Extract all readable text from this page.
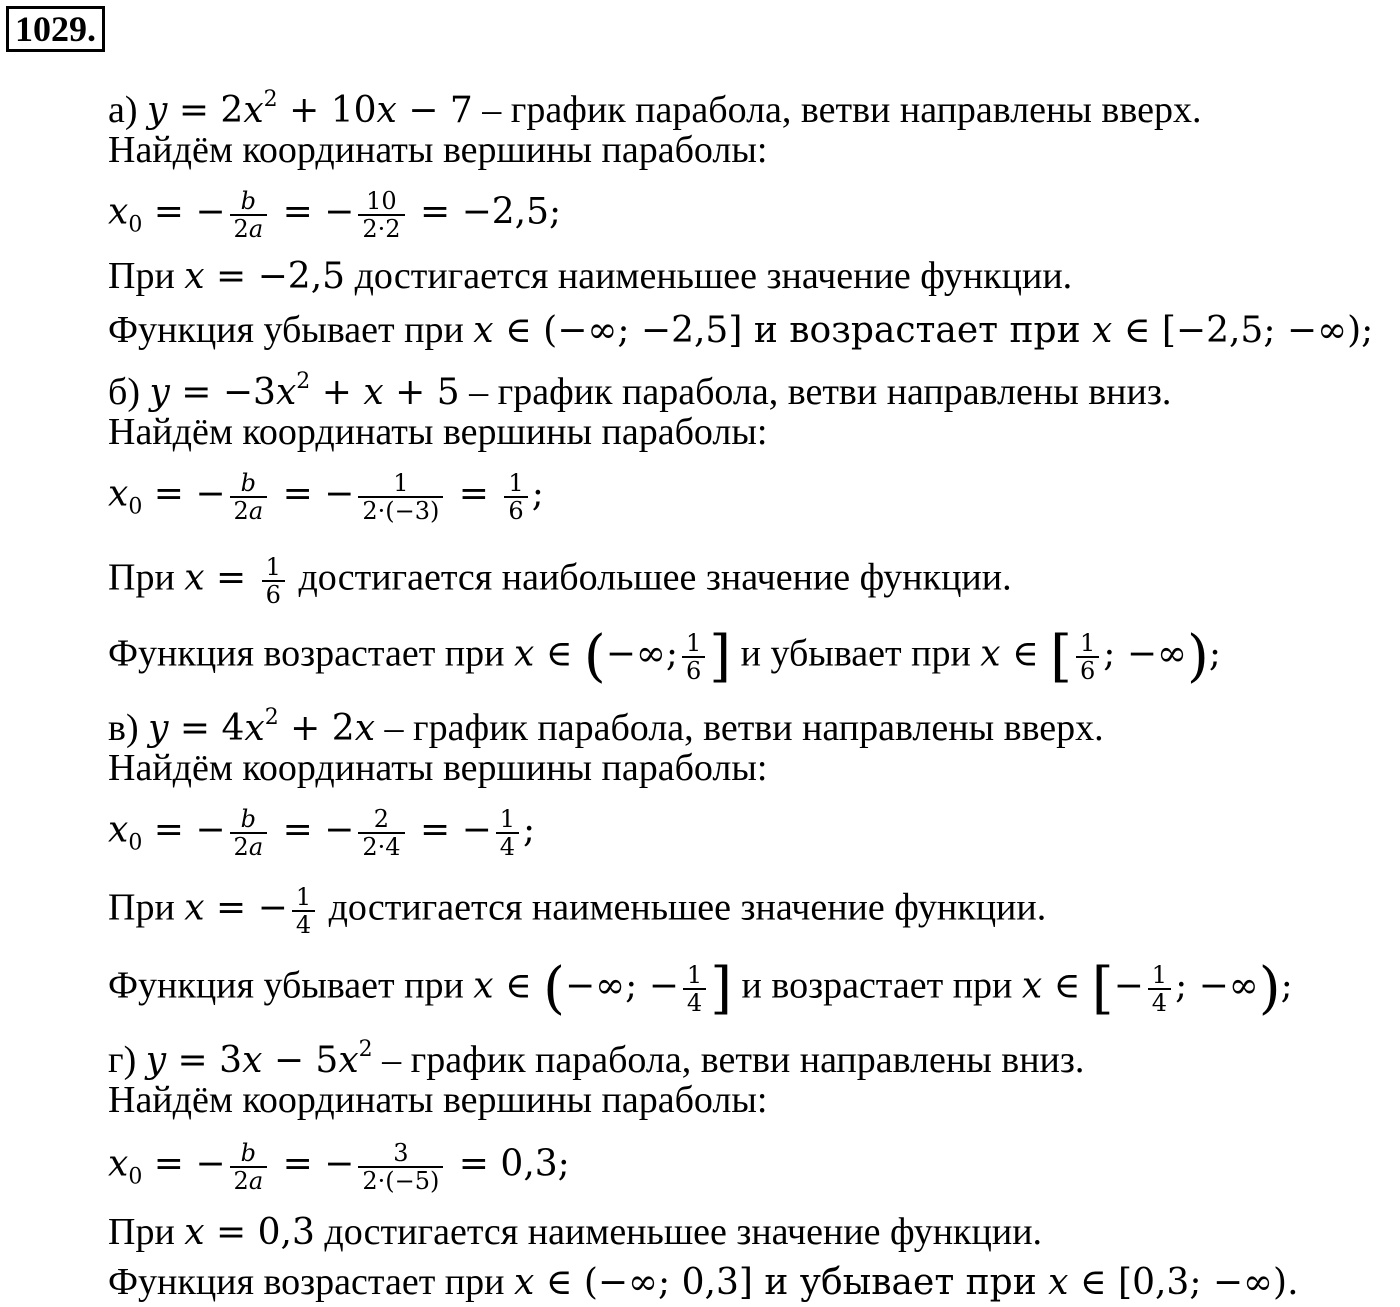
1029.
а) $y = 2x^2 + 10x - 7$ – график парабола, ветви направлены вверх.
Найдём координаты вершины параболы:
$x_0$ = − $\frac{b}{2a}$ = − $\frac{10}{2\cdot 2} = -2,5$;
При x = −2,5 достигается наименьшее значение функции.
Функция убывает при x ∈ (−∞; −2,5] и возрастает при x ∈ [−2,5; −∞);
б) $y = -3x^2 + x + 5$ – график парабола, ветви направлены вниз.
Найдём координаты вершины параболы:
$x_0$ = − $\frac{b}{2a}$ = − $\frac{1}{2\cdot(-3)} = \frac{1}{6}$ ;
При $x = \frac{1}{6}$ достигается наибольшее значение функции.
Функция возрастает при x ∈ (−∞; $\frac{1}{6}$ ] и убывает при x ∈ [ $\frac{1}{6}$ ; −∞);
в) $y = 4x^2 + 2x$ – график парабола, ветви направлены вверх.
Найдём координаты вершины параболы:
$x_0$ = − $\frac{b}{2a}$ = − $\frac{2}{2\cdot 4}$ = − $\frac{1}{4}$ ;
При x = − $\frac{1}{4}$ достигается наименьшее значение функции.
Функция убывает при x ∈ (−∞; − $\frac{1}{4}$ ] и возрастает при x ∈ [− $\frac{1}{4}$ ; −∞);
г) $y = 3x - 5x^2$ – график парабола, ветви направлены вниз.
Найдём координаты вершины параболы:
$x_0$ = − $\frac{b}{2a}$ = − $\frac{3}{2\cdot(-5)} = 0,3$;
При x = 0,3 достигается наименьшее значение функции.
Функция возрастает при x ∈ (−∞; 0,3] и убывает при x ∈ [0,3; −∞).
